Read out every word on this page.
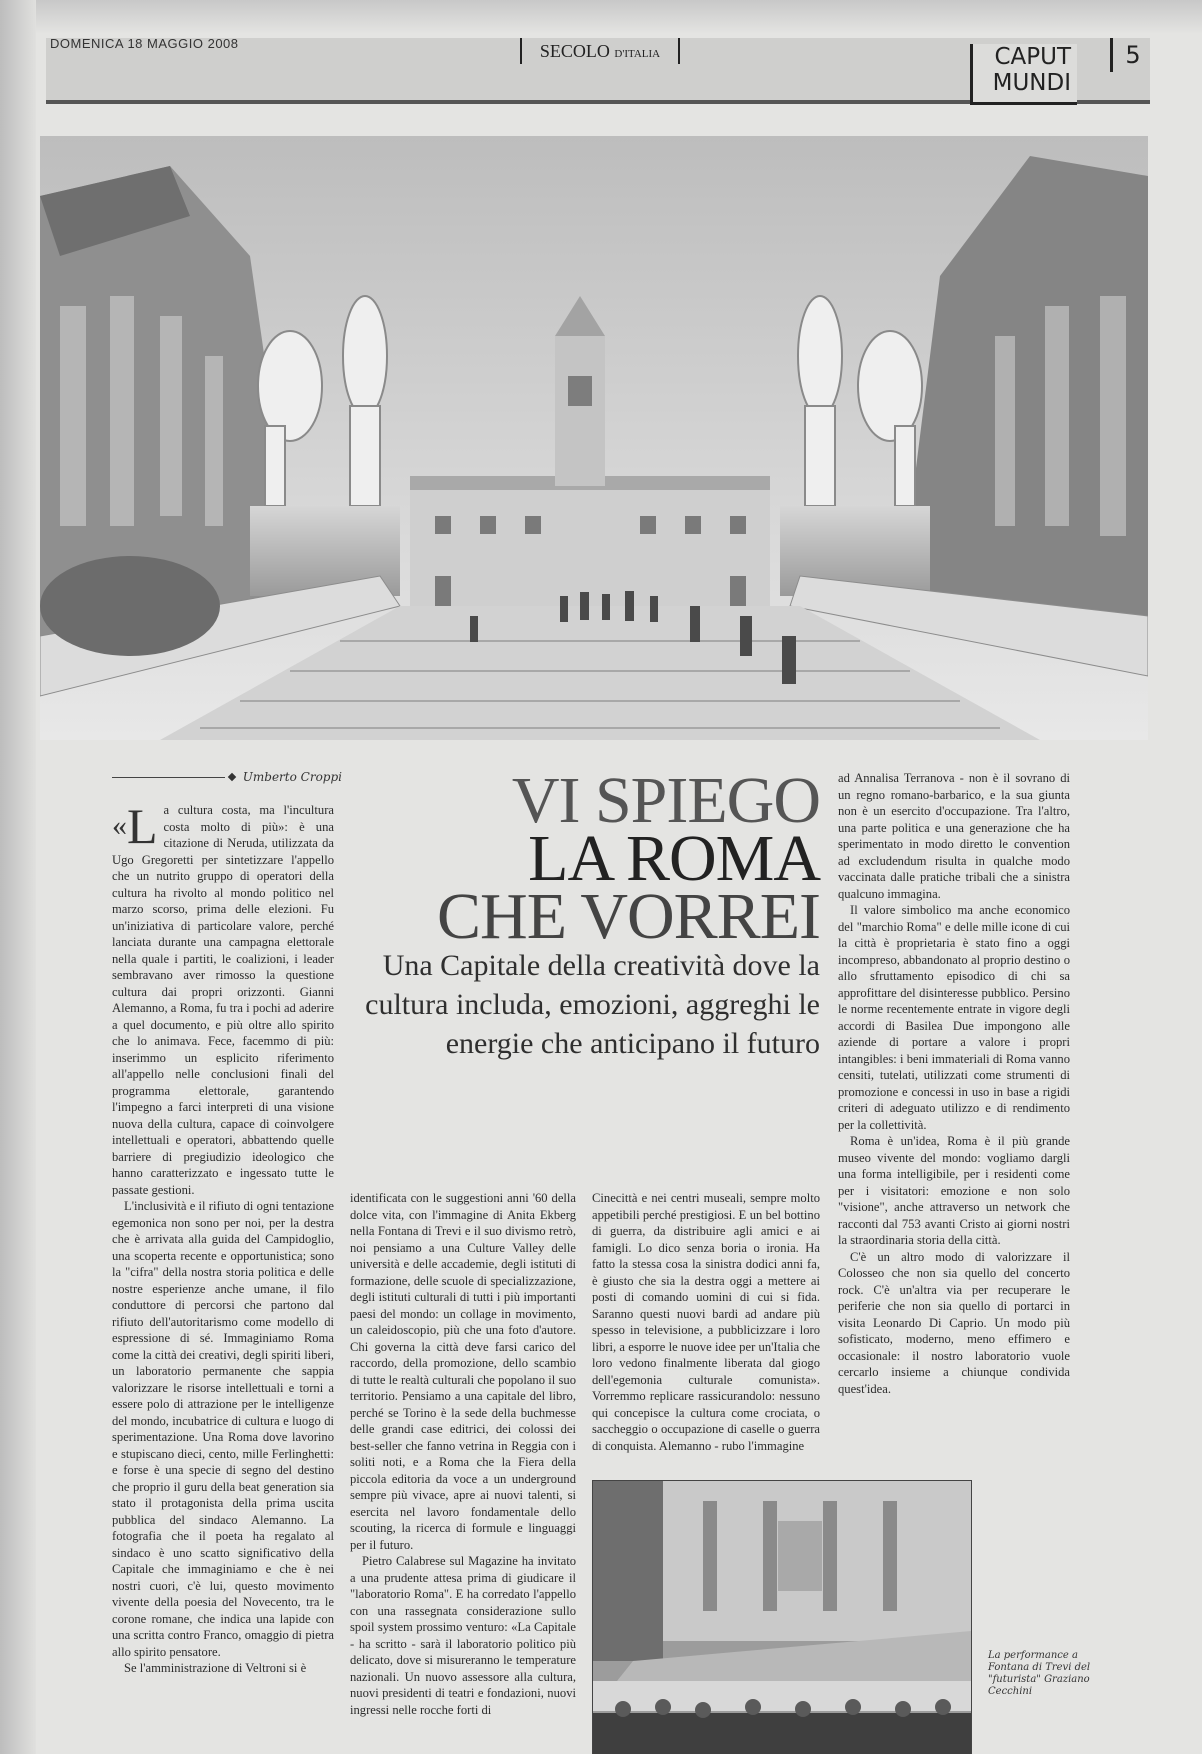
DOMENICA 18 MAGGIO 2008	SECOLO D'ITALIA	CAPUT
MUNDI
5
Umberto Croppi	VI SPIEGO
LA ROMA
CHE VORREI
Una Capitale della creatività dove la cultura includa, emozioni, aggreghi le energie che anticipano il futuro

«L a cultura costa, ma l'incultura costa molto di più»: è una citazione di Neruda, utilizzata da Ugo Gregoretti per sintetizzare l'appello che un nutrito gruppo di operatori della cultura ha rivolto al mondo politico nel marzo scorso, prima delle elezioni. Fu un'iniziativa di particolare valore, perché lanciata durante una campagna elettorale nella quale i partiti, le coalizioni, i leader sembravano aver rimosso la questione cultura dai propri orizzonti. Gianni Alemanno, a Roma, fu tra i pochi ad aderire a quel documento, e più oltre allo spirito che lo animava. Fece, facemmo di più: inserimmo un esplicito riferimento all'appello nelle conclusioni finali del programma elettorale, garantendo l'impegno a farci interpreti di una visione nuova della cultura, capace di coinvolgere intellettuali e operatori, abbattendo quelle barriere di pregiudizio ideologico che hanno caratterizzato e ingessato tutte le passate gestioni.

L'inclusività e il rifiuto di ogni tentazione egemonica non sono per noi, per la destra che è arrivata alla guida del Campidoglio, una scoperta recente e opportunistica; sono la "cifra" della nostra storia politica e delle nostre esperienze anche umane, il filo conduttore di percorsi che partono dal rifiuto dell'autoritarismo come modello di espressione di sé. Immaginiamo Roma come la città dei creativi, degli spiriti liberi, un laboratorio permanente che sappia valorizzare le risorse intellettuali e torni a essere polo di attrazione per le intelligenze del mondo, incubatrice di cultura e luogo di sperimentazione. Una Roma dove lavorino e stupiscano dieci, cento, mille Ferlinghetti: e forse è una specie di segno del destino che proprio il guru della beat generation sia stato il protagonista della prima uscita pubblica del sindaco Alemanno. La fotografia che il poeta ha regalato al sindaco è uno scatto significativo della Capitale che immaginiamo e che è nei nostri cuori, c'è lui, questo movimento vivente della poesia del Novecento, tra le corone romane, che indica una lapide con una scritta contro Franco, omaggio di pietra allo spirito pensatore.

Se l'amministrazione di Veltroni si è

identificata con le suggestioni anni '60 della dolce vita, con l'immagine di Anita Ekberg nella Fontana di Trevi e il suo divismo retrò, noi pensiamo a una Culture Valley delle università e delle accademie, degli istituti di formazione, delle scuole di specializzazione, degli istituti culturali di tutti i più importanti paesi del mondo: un collage in movimento, un caleidoscopio, più che una foto d'autore. Chi governa la città deve farsi carico del raccordo, della promozione, dello scambio di tutte le realtà culturali che popolano il suo territorio. Pensiamo a una capitale del libro, perché se Torino è la sede della buchmesse delle grandi case editrici, dei colossi dei best-seller che fanno vetrina in Reggia con i soliti noti, e a Roma che la Fiera della piccola editoria da voce a un underground sempre più vivace, apre ai nuovi talenti, si esercita nel lavoro fondamentale dello scouting, la ricerca di formule e linguaggi per il futuro.

Pietro Calabrese sul Magazine ha invitato a una prudente attesa prima di giudicare il "laboratorio Roma". E ha corredato l'appello con una rassegnata considerazione sullo spoil system prossimo venturo: «La Capitale - ha scritto - sarà il laboratorio politico più delicato, dove si misureranno le temperature nazionali. Un nuovo assessore alla cultura, nuovi presidenti di teatri e fondazioni, nuovi ingressi nelle rocche forti di

Cinecittà e nei centri museali, sempre molto appetibili perché prestigiosi. E un bel bottino di guerra, da distribuire agli amici e ai famigli. Lo dico senza boria o ironia. Ha fatto la stessa cosa la sinistra dodici anni fa, è giusto che sia la destra oggi a mettere ai posti di comando uomini di cui si fida. Saranno questi nuovi bardi ad andare più spesso in televisione, a pubblicizzare i loro libri, a esporre le nuove idee per un'Italia che loro vedono finalmente liberata dal giogo dell'egemonia culturale comunista». Vorremmo replicare rassicurandolo: nessuno qui concepisce la cultura come crociata, o saccheggio o occupazione di caselle o guerra di conquista. Alemanno - rubo l'immagine

ad Annalisa Terranova - non è il sovrano di un regno romano-barbarico, e la sua giunta non è un esercito d'occupazione. Tra l'altro, una parte politica e una generazione che ha sperimentato in modo diretto le convention ad excludendum risulta in qualche modo vaccinata dalle pratiche tribali che a sinistra qualcuno immagina.

Il valore simbolico ma anche economico del "marchio Roma" e delle mille icone di cui la città è proprietaria è stato fino a oggi incompreso, abbandonato al proprio destino o allo sfruttamento episodico di chi sa approfittare del disinteresse pubblico. Persino le norme recentemente entrate in vigore degli accordi di Basilea Due impongono alle aziende di portare a valore i propri intangibles: i beni immateriali di Roma vanno censiti, tutelati, utilizzati come strumenti di promozione e concessi in uso in base a rigidi criteri di adeguato utilizzo e di rendimento per la collettività.

Roma è un'idea, Roma è il più grande museo vivente del mondo: vogliamo dargli una forma intelligibile, per i residenti come per i visitatori: emozione e non solo "visione", anche attraverso un network che racconti dal 753 avanti Cristo ai giorni nostri la straordinaria storia della città.

C'è un altro modo di valorizzare il Colosseo che non sia quello del concerto rock. C'è un'altra via per recuperare le periferie che non sia quello di portarci in visita Leonardo Di Caprio. Un modo più sofisticato, moderno, meno effimero e occasionale: il nostro laboratorio vuole cercarlo insieme a chiunque condivida quest'idea.

La performance a Fontana di Trevi del "futurista" Graziano Cecchini
